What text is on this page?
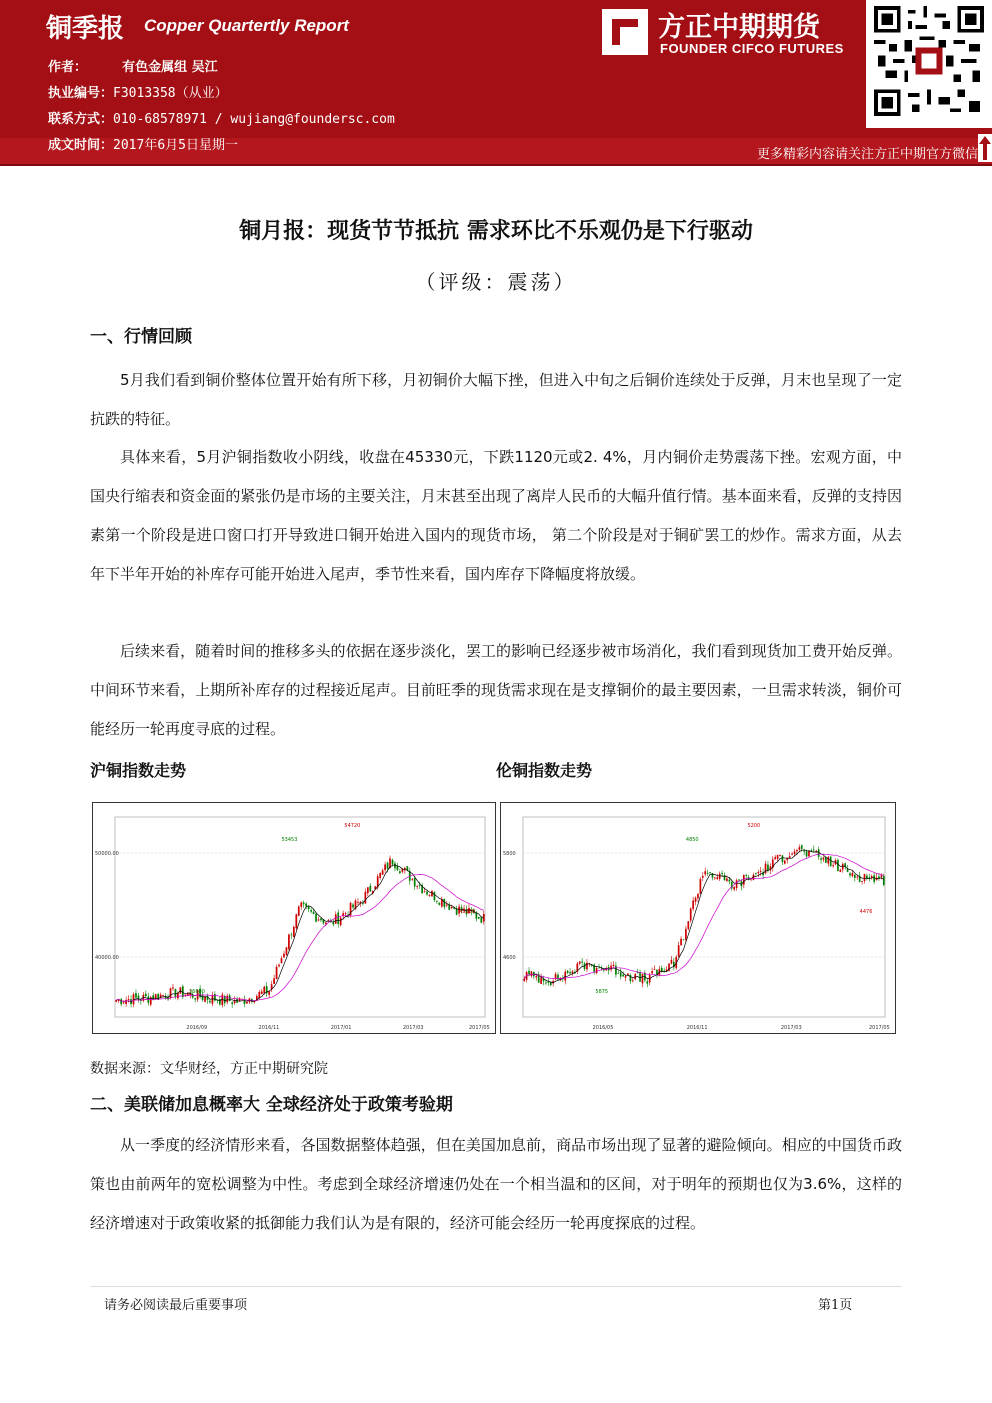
铜季报 Copper Quartertly Report
作者：	有色金属组 吴江
执业编号：F3013358（从业）
联系方式：010-68578971 / wujiang@foundersc.com
成文时间：2017年6月5日星期一
方正中期期货
FOUNDER CIFCO FUTURES
更多精彩内容请关注方正中期官方微信
铜月报：现货节节抵抗 需求环比不乐观仍是下行驱动
（评级：震荡）
一、行情回顾

5月我们看到铜价整体位置开始有所下移，月初铜价大幅下挫，但进入中旬之后铜价连续处于反弹，月末也呈现了一定抗跌的特征。

具体来看，5月沪铜指数收小阴线，收盘在45330元，下跌1120元或2. 4%，月内铜价走势震荡下挫。宏观方面，中国央行缩表和资金面的紧张仍是市场的主要关注，月末甚至出现了离岸人民币的大幅升值行情。基本面来看，反弹的支持因素第一个阶段是进口窗口打开导致进口铜开始进入国内的现货市场， 第二个阶段是对于铜矿罢工的炒作。需求方面，从去年下半年开始的补库存可能开始进入尾声，季节性来看，国内库存下降幅度将放缓。

后续来看，随着时间的推移多头的依据在逐步淡化，罢工的影响已经逐步被市场消化，我们看到现货加工费开始反弹。中间环节来看，上期所补库存的过程接近尾声。目前旺季的现货需求现在是支撑铜价的最主要因素，一旦需求转淡，铜价可能经历一轮再度寻底的过程。

沪铜指数走势	伦铜指数走势
50000.00
40000.00
2016/09	2016/11	2017/01	2017/03	2017/05
53453
54720
36600
45330
5800
4600
2016/05	2016/11	2017/03	2017/05
4850
5200
5875
4476
数据来源：文华财经，方正中期研究院
二、美联储加息概率大 全球经济处于政策考验期

从一季度的经济情形来看，各国数据整体趋强，但在美国加息前，商品市场出现了显著的避险倾向。相应的中国货币政策也由前两年的宽松调整为中性。考虑到全球经济增速仍处在一个相当温和的区间，对于明年的预期也仅为3.6%，这样的经济增速对于政策收紧的抵御能力我们认为是有限的，经济可能会经历一轮再度探底的过程。

请务必阅读最后重要事项	第1页
